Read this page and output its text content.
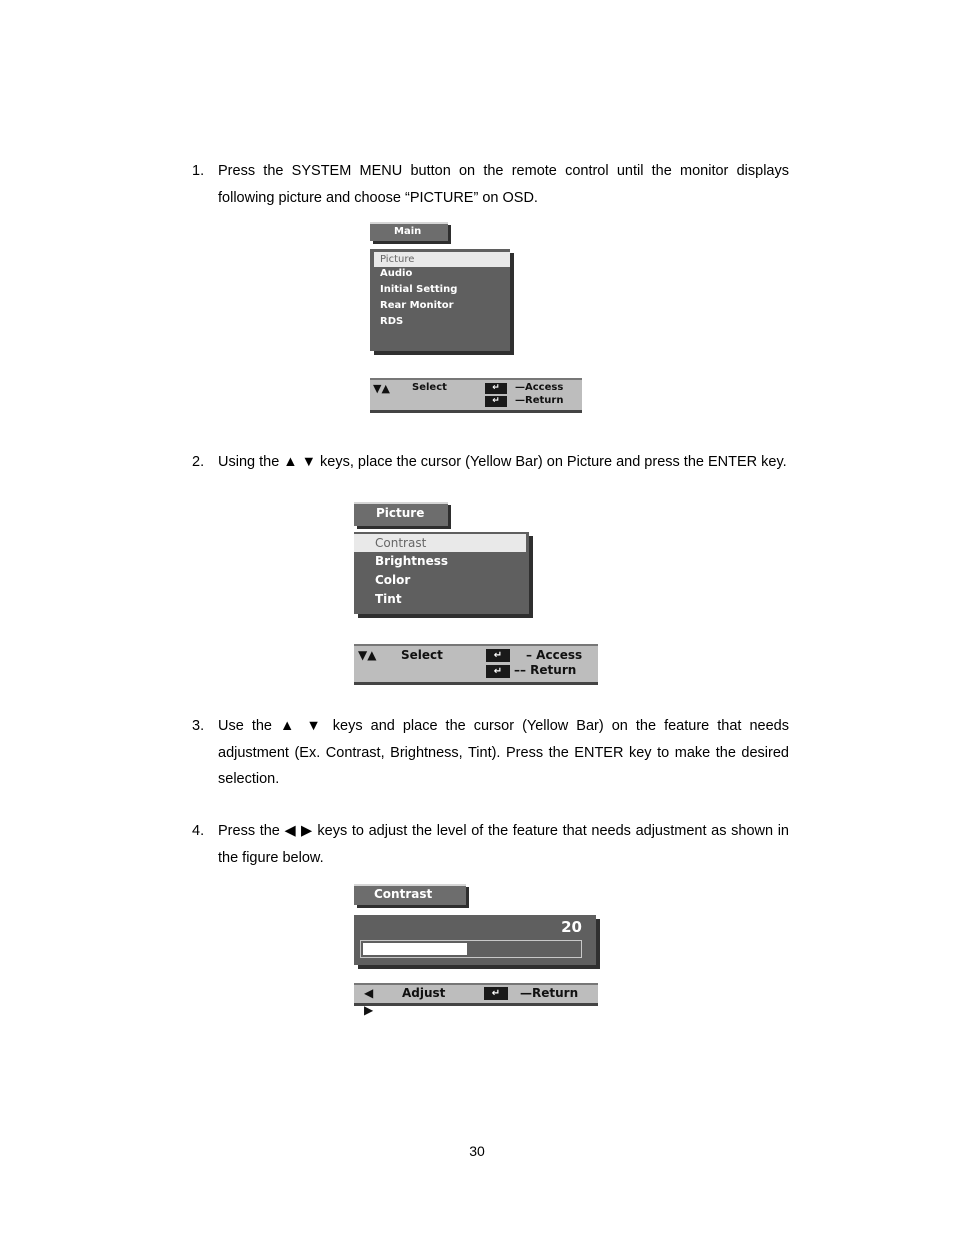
1. Press the SYSTEM MENU button on the remote control until the monitor displays following picture and choose “PICTURE” on OSD.
Main
Picture
Audio
Initial Setting
Rear Monitor
RDS
▼▲ Select	↵	—Access
↵	—Return
2. Using the ▲ ▼ keys, place the cursor (Yellow Bar) on Picture and press the ENTER key.
Picture
Contrast
Brightness
Color
Tint
▼▲ Select	↵	– Access
↵ –– Return
3. Use the ▲ ▼ keys and place the cursor (Yellow Bar) on the feature that needs adjustment (Ex. Contrast, Brightness, Tint). Press the ENTER key to make the desired selection.
4. Press the ◀ ▶ keys to adjust the level of the feature that needs adjustment as shown in the figure below.
Contrast
20
◀ Adjust	↵	—Return
▶
30
